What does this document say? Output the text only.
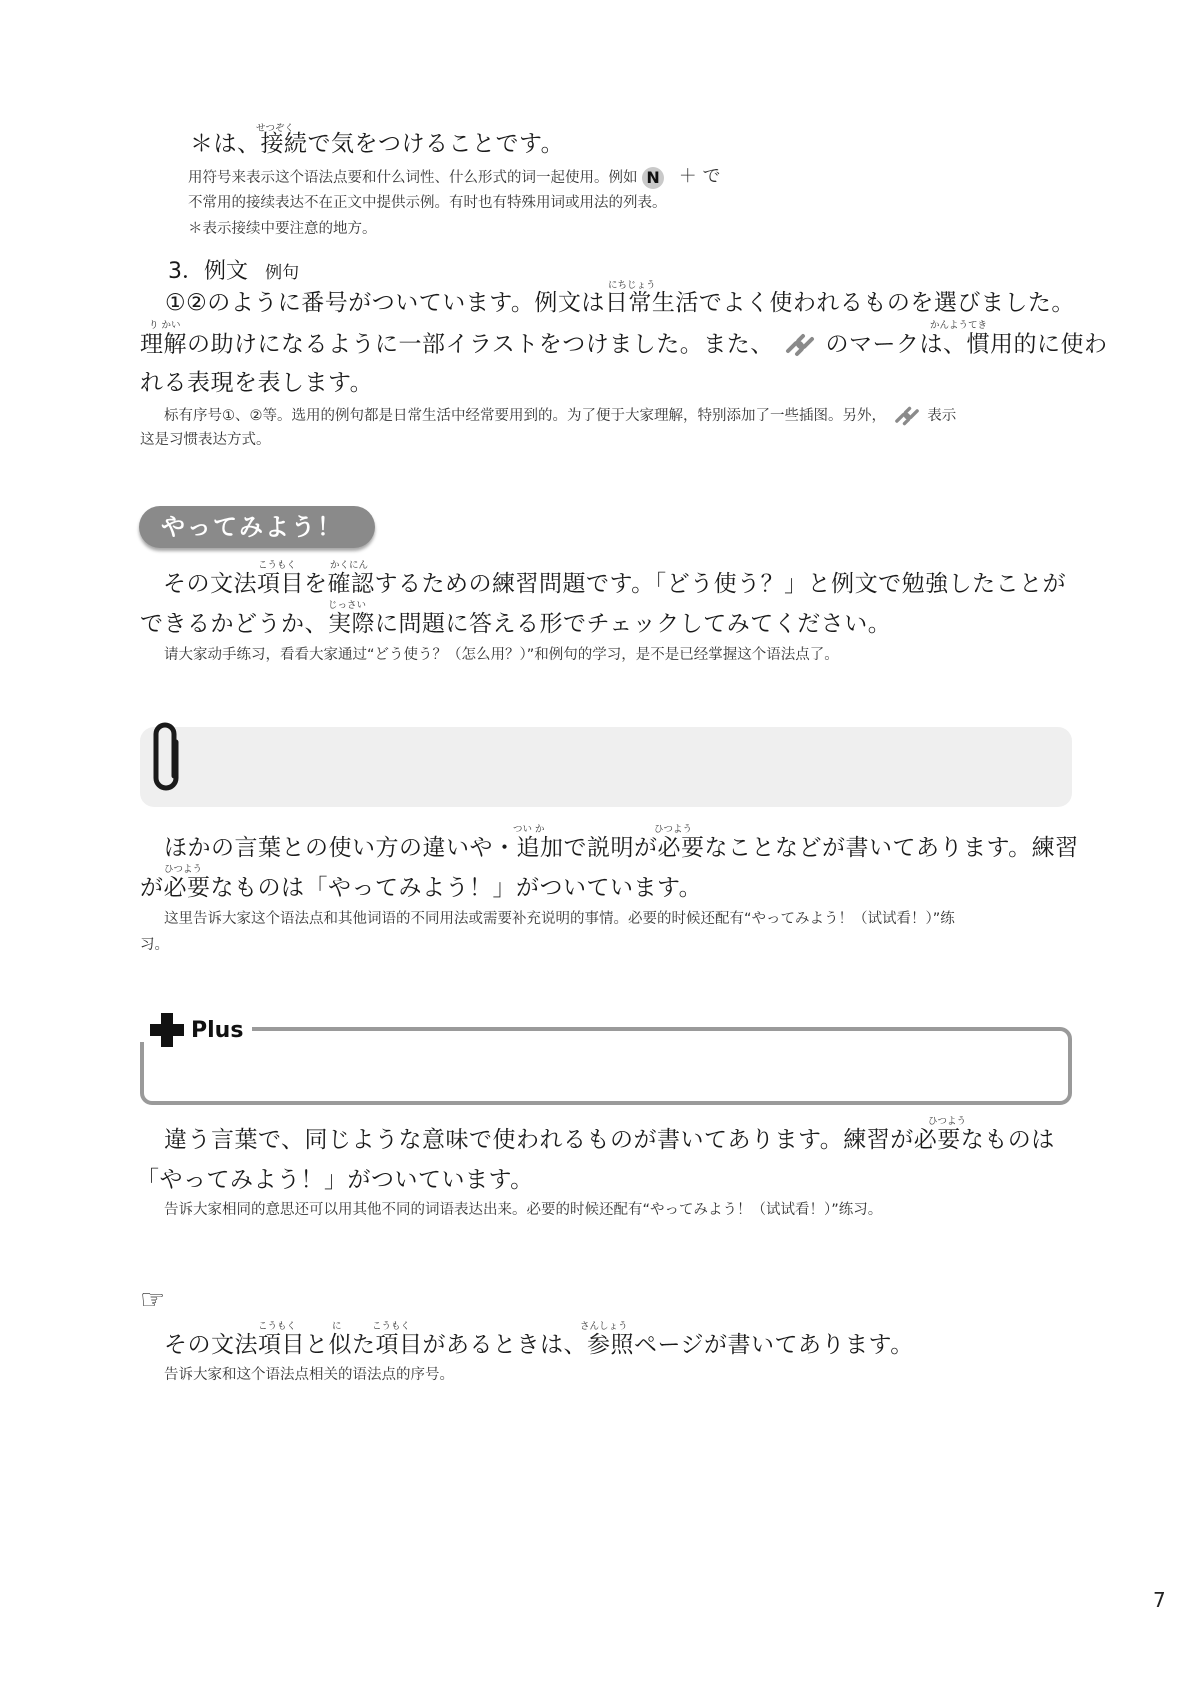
せつぞく
＊は、接続で気をつけることです。
用符号来表示这个语法点要和什么词性、什么形式的词一起使用。例如 N ＋ で
不常用的接续表达不在正文中提供示例。有时也有特殊用词或用法的列表。
＊表示接续中要注意的地方。
3．例文 例句
にちじょう
①②のように番号がついています。例文は日常生活でよく使われるものを選びました。
り かい	かんようてき
理解の助けになるように一部イラストをつけました。また、 のマークは、慣用的に使わ
れる表現を表します。
标有序号①、②等。选用的例句都是日常生活中经常要用到的。为了便于大家理解，特别添加了一些插图。另外，	表示
这是习惯表达方式。
やってみよう！
こうもく	かくにん
その文法項目を確認するための練習問題です。「どう使う？」と例文で勉強したことが
じっさい
できるかどうか、実際に問題に答える形でチェックしてみてください。
请大家动手练习，看看大家通过“どう使う？（怎么用？）”和例句的学习，是不是已经掌握这个语法点了。
つい か	ひつよう
ほかの言葉との使い方の違いや・追加で説明が必要なことなどが書いてあります。練習
ひつよう
が必要なものは「やってみよう！」がついています。
这里告诉大家这个语法点和其他词语的不同用法或需要补充说明的事情。必要的时候还配有“やってみよう！（试试看！）”练
习。
Plus
ひつよう
違う言葉で、同じような意味で使われるものが書いてあります。練習が必要なものは
「やってみよう！」がついています。
告诉大家相同的意思还可以用其他不同的词语表达出来。必要的时候还配有“やってみよう！（试试看！）”练习。
☞
こうもく	に	こうもく	さんしょう
その文法項目と似た項目があるときは、参照ページが書いてあります。
告诉大家和这个语法点相关的语法点的序号。
7
